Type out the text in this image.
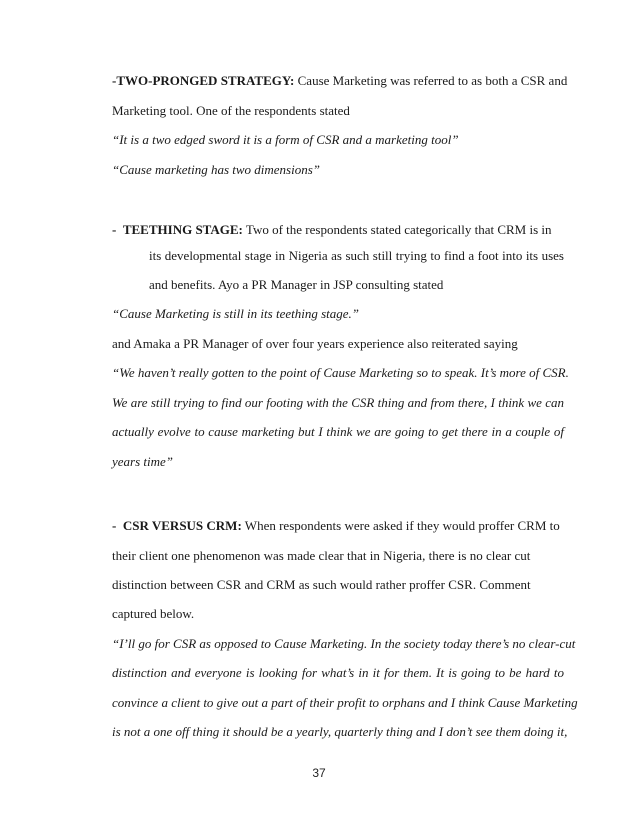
-TWO-PRONGED STRATEGY: Cause Marketing was referred to as both a CSR and
Marketing tool. One of the respondents stated
“It is a two edged sword it is a form of CSR and a marketing tool”
“Cause marketing has two dimensions”
- TEETHING STAGE: Two of the respondents stated categorically that CRM is in
its developmental stage in Nigeria as such still trying to find a foot into its uses
and benefits. Ayo a PR Manager in JSP consulting stated
“Cause Marketing is still in its teething stage.”
and Amaka a PR Manager of over four years experience also reiterated saying
“We haven’t really gotten to the point of Cause Marketing so to speak. It’s more of CSR.
We are still trying to find our footing with the CSR thing and from there, I think we can
actually evolve to cause marketing but I think we are going to get there in a couple of
years time”
- CSR VERSUS CRM: When respondents were asked if they would proffer CRM to
their client one phenomenon was made clear that in Nigeria, there is no clear cut
distinction between CSR and CRM as such would rather proffer CSR. Comment
captured below.
“I’ll go for CSR as opposed to Cause Marketing. In the society today there’s no clear-cut
distinction and everyone is looking for what’s in it for them. It is going to be hard to
convince a client to give out a part of their profit to orphans and I think Cause Marketing
is not a one off thing it should be a yearly, quarterly thing and I don’t see them doing it,
37
